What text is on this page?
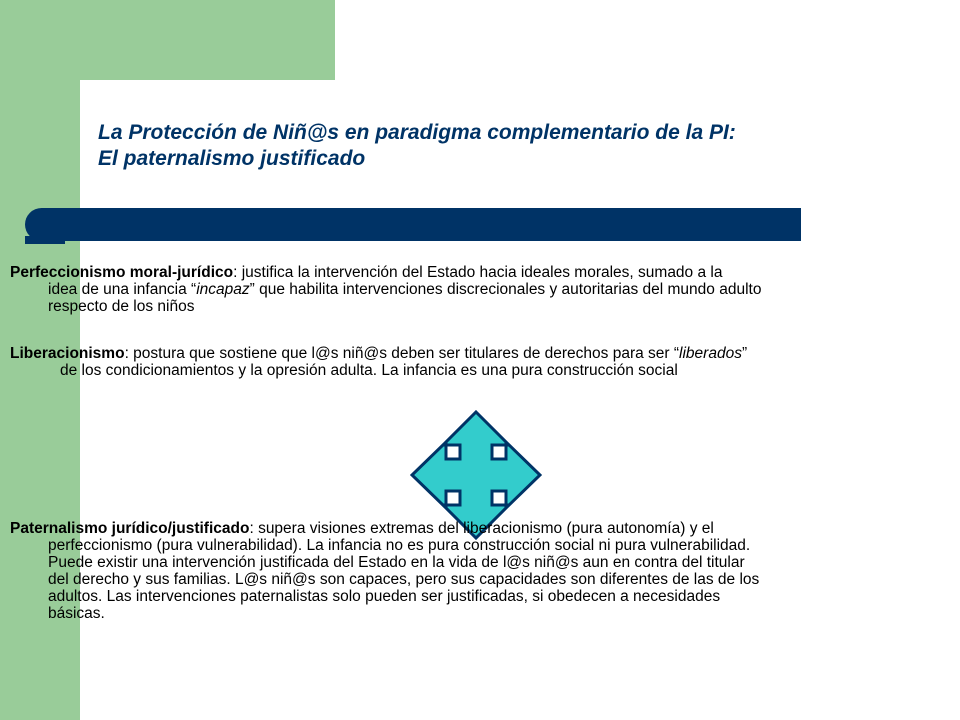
La Protección de Niñ@s en paradigma complementario de la PI:
El paternalismo justificado

Perfeccionismo moral-jurídico: justifica la intervención del Estado hacia ideales morales, sumado a la
idea de una infancia “incapaz” que habilita intervenciones discrecionales y autoritarias del mundo adulto
respecto de los niños

Liberacionismo: postura que sostiene que l@s niñ@s deben ser titulares de derechos para ser “liberados”
de los condicionamientos y la opresión adulta. La infancia es una pura construcción social

Paternalismo jurídico/justificado: supera visiones extremas del liberacionismo (pura autonomía) y el
perfeccionismo (pura vulnerabilidad). La infancia no es pura construcción social ni pura vulnerabilidad.
Puede existir una intervención justificada del Estado en la vida de l@s niñ@s aun en contra del titular
del derecho y sus familias. L@s niñ@s son capaces, pero sus capacidades son diferentes de las de los
adultos. Las intervenciones paternalistas solo pueden ser justificadas, si obedecen a necesidades
básicas.
